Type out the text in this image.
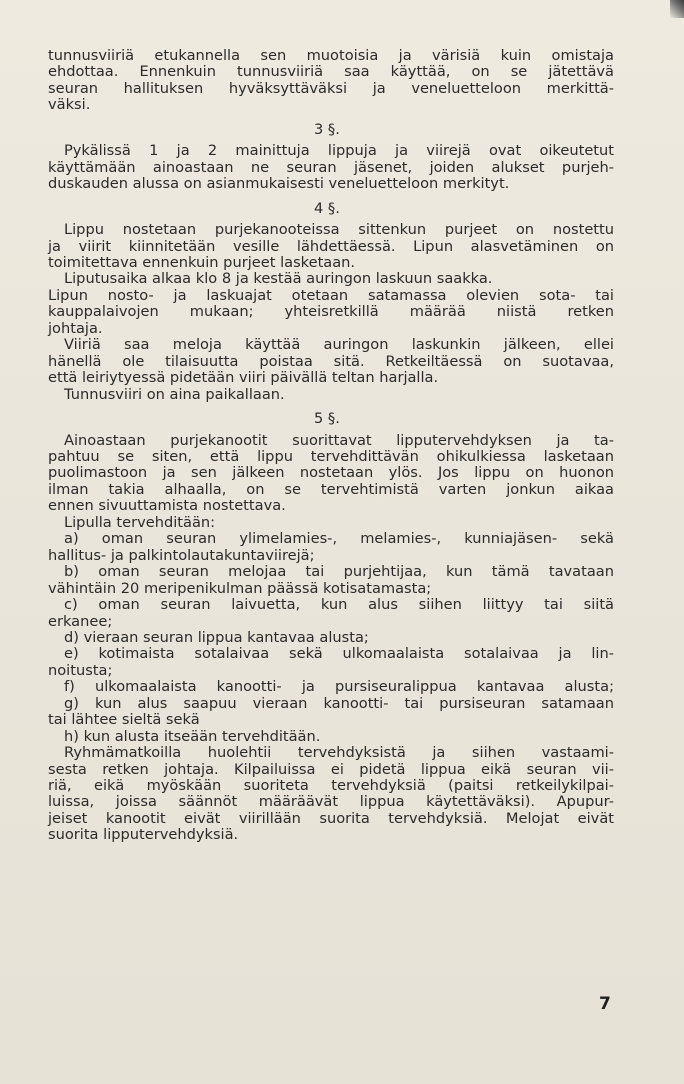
tunnusviiriä etukannella sen muotoisia ja värisiä kuin omistaja
ehdottaa. Ennenkuin tunnusviiriä saa käyttää, on se jätettävä
seuran hallituksen hyväksyttäväksi ja veneluetteloon merkittä-
väksi.
3 §.
Pykälissä 1 ja 2 mainittuja lippuja ja viirejä ovat oikeutetut
käyttämään ainoastaan ne seuran jäsenet, joiden alukset purjeh-
duskauden alussa on asianmukaisesti veneluetteloon merkityt.
4 §.
Lippu nostetaan purjekanooteissa sittenkun purjeet on nostettu
ja viirit kiinnitetään vesille lähdettäessä. Lipun alasvetäminen on
toimitettava ennenkuin purjeet lasketaan.
Liputusaika alkaa klo 8 ja kestää auringon laskuun saakka.
Lipun nosto- ja laskuajat otetaan satamassa olevien sota- tai
kauppalaivojen mukaan; yhteisretkillä määrää niistä retken
johtaja.
Viiriä saa meloja käyttää auringon laskunkin jälkeen, ellei
hänellä ole tilaisuutta poistaa sitä. Retkeiltäessä on suotavaa,
että leiriytyessä pidetään viiri päivällä teltan harjalla.
Tunnusviiri on aina paikallaan.
5 §.
Ainoastaan purjekanootit suorittavat lipputervehdyksen ja ta-
pahtuu se siten, että lippu tervehdittävän ohikulkiessa lasketaan
puolimastoon ja sen jälkeen nostetaan ylös. Jos lippu on huonon
ilman takia alhaalla, on se tervehtimistä varten jonkun aikaa
ennen sivuuttamista nostettava.
Lipulla tervehditään:
a) oman seuran ylimelamies-, melamies-, kunniajäsen- sekä
hallitus- ja palkintolautakuntaviirejä;
b) oman seuran melojaa tai purjehtijaa, kun tämä tavataan
vähintäin 20 meripenikulman päässä kotisatamasta;
c) oman seuran laivuetta, kun alus siihen liittyy tai siitä
erkanee;
d) vieraan seuran lippua kantavaa alusta;
e) kotimaista sotalaivaa sekä ulkomaalaista sotalaivaa ja lin-
noitusta;
f) ulkomaalaista kanootti- ja pursiseuralippua kantavaa alusta;
g) kun alus saapuu vieraan kanootti- tai pursiseuran satamaan
tai lähtee sieltä sekä
h) kun alusta itseään tervehditään.
Ryhmämatkoilla huolehtii tervehdyksistä ja siihen vastaami-
sesta retken johtaja. Kilpailuissa ei pidetä lippua eikä seuran vii-
riä, eikä myöskään suoriteta tervehdyksiä (paitsi retkeilykilpai-
luissa, joissa säännöt määräävät lippua käytettäväksi). Apupur-
jeiset kanootit eivät viirillään suorita tervehdyksiä. Melojat eivät
suorita lipputervehdyksiä.
7
